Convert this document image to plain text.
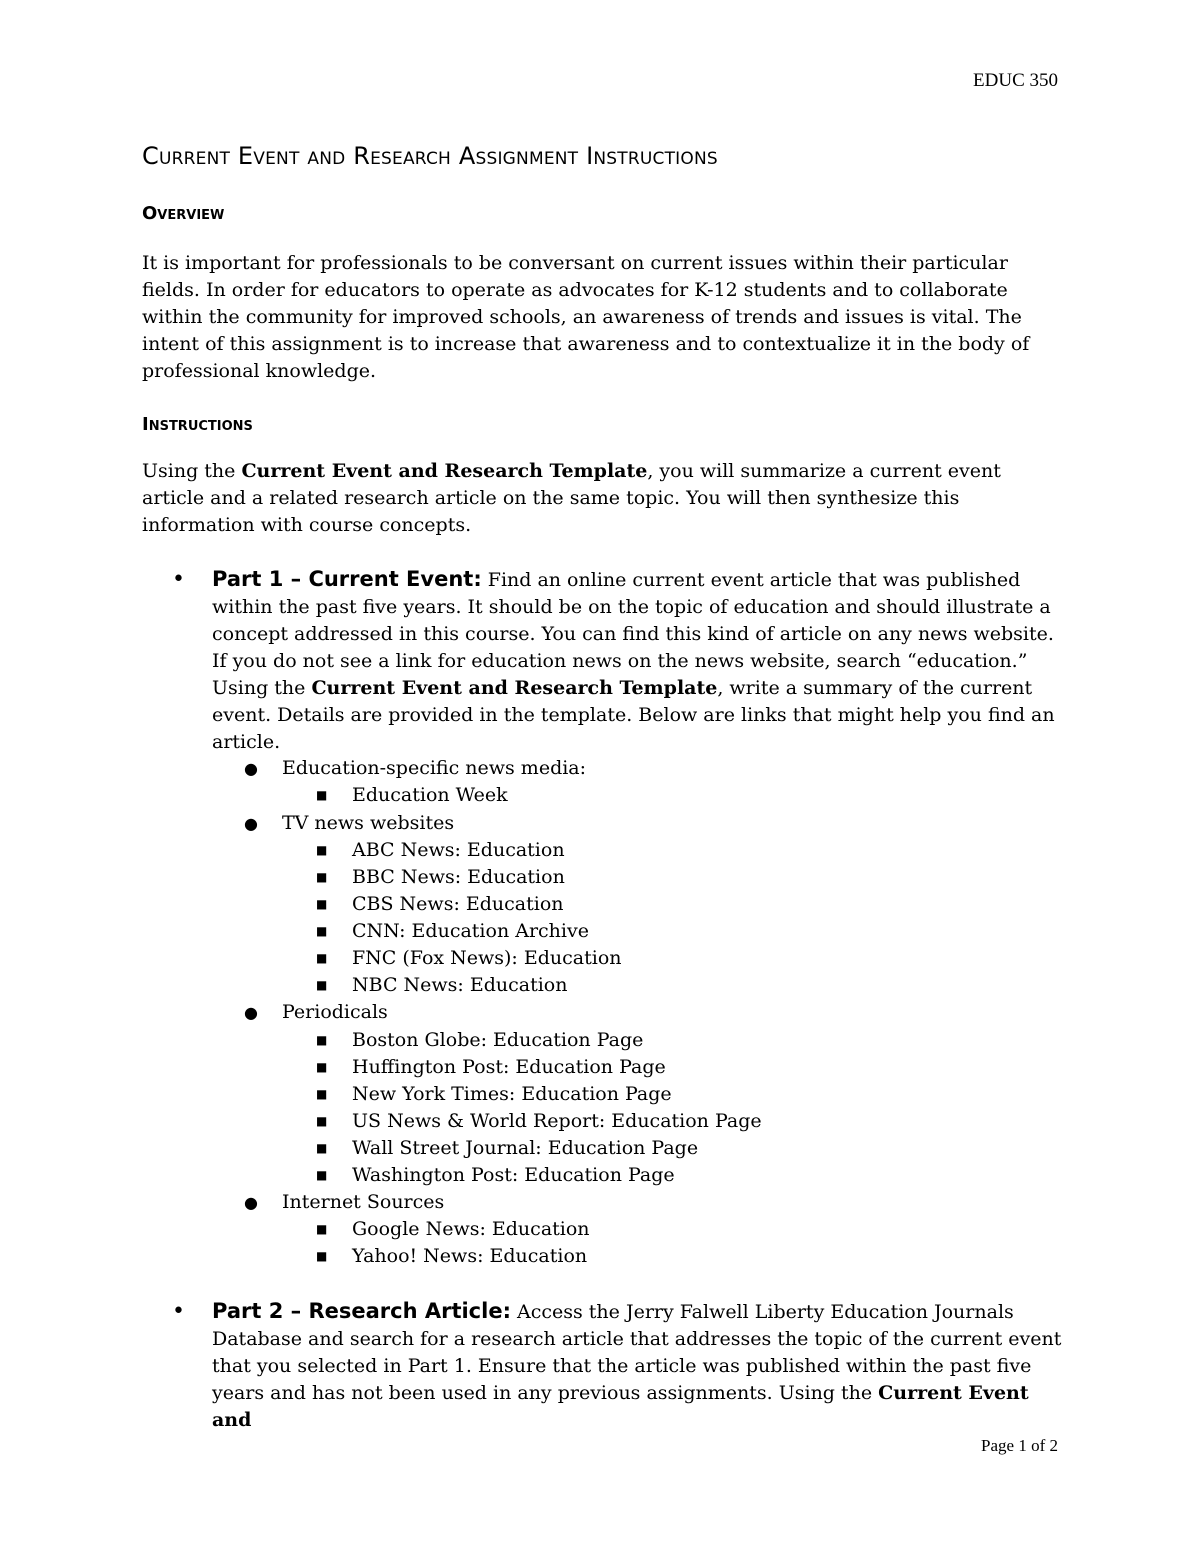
EDUC 350
Current Event and Research Assignment Instructions
Overview

It is important for professionals to be conversant on current issues within their particular fields. In order for educators to operate as advocates for K-12 students and to collaborate within the community for improved schools, an awareness of trends and issues is vital. The intent of this assignment is to increase that awareness and to contextualize it in the body of professional knowledge.

Instructions

Using the Current Event and Research Template, you will summarize a current event article and a related research article on the same topic. You will then synthesize this information with course concepts.

• Part 1 – Current Event: Find an online current event article that was published within the past five years. It should be on the topic of education and should illustrate a concept addressed in this course. You can find this kind of article on any news website. If you do not see a link for education news on the news website, search “education.” Using the Current Event and Research Template, write a summary of the current event. Details are provided in the template. Below are links that might help you find an article.

● Education-specific news media:
■ Education Week
● TV news websites
■ ABC News: Education
■ BBC News: Education
■ CBS News: Education
■ CNN: Education Archive
■ FNC (Fox News): Education
■ NBC News: Education
● Periodicals
■ Boston Globe: Education Page
■ Huffington Post: Education Page
■ New York Times: Education Page
■ US News & World Report: Education Page
■ Wall Street Journal: Education Page
■ Washington Post: Education Page
● Internet Sources
■ Google News: Education
■ Yahoo! News: Education
• Part 2 – Research Article: Access the Jerry Falwell Liberty Education Journals Database and search for a research article that addresses the topic of the current event that you selected in Part 1. Ensure that the article was published within the past five years and has not been used in any previous assignments. Using the Current Event and

Page 1 of 2
